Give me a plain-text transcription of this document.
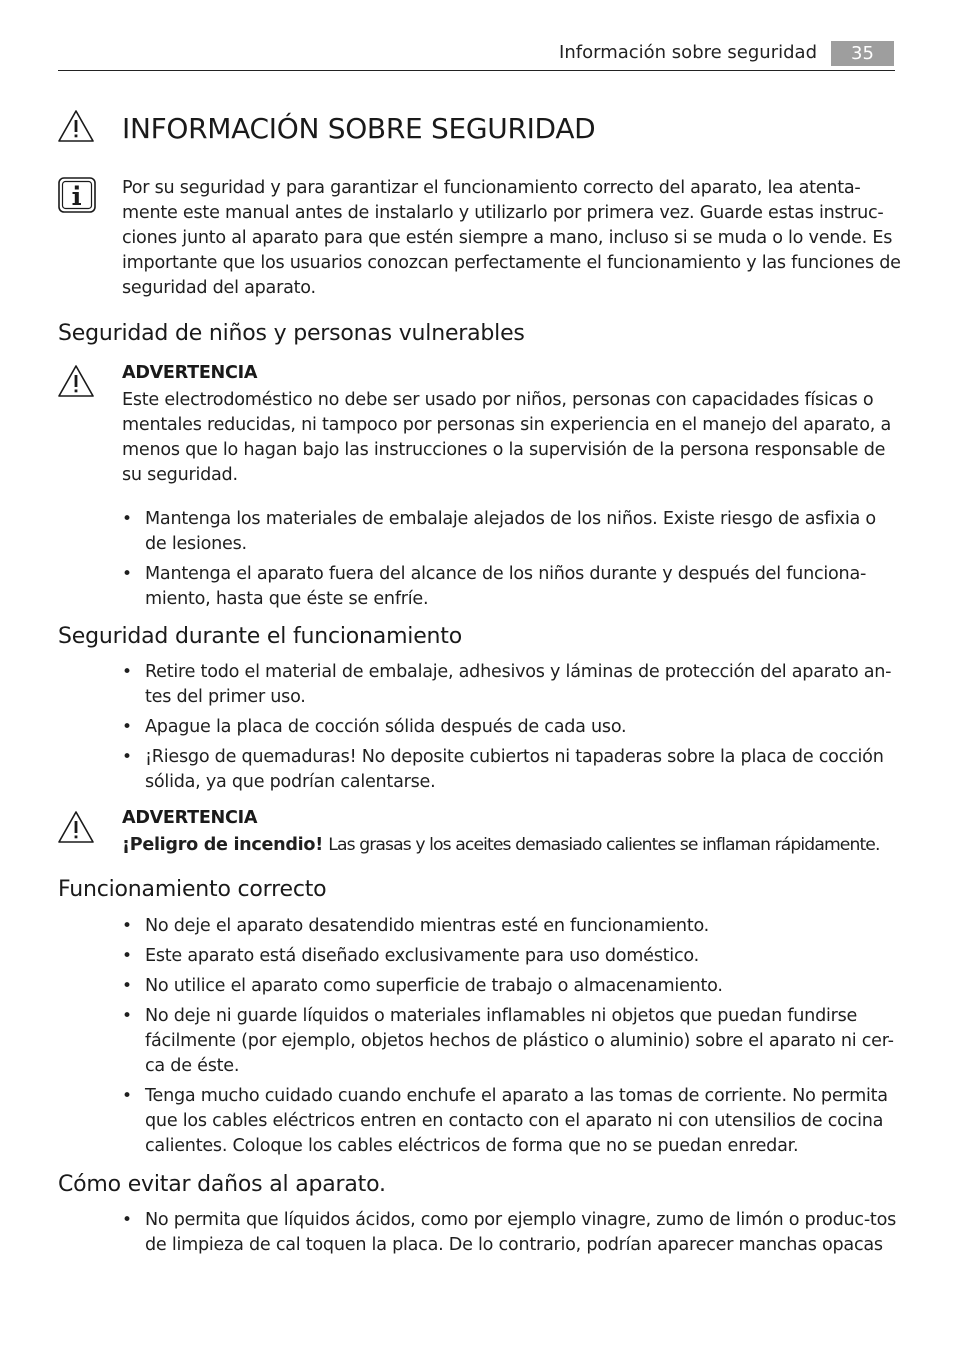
Información sobre seguridad	35
INFORMACIÓN SOBRE SEGURIDAD

Por su seguridad y para garantizar el funcionamiento correcto del aparato, lea atenta-mente este manual antes de instalarlo y utilizarlo por primera vez. Guarde estas instruc-ciones junto al aparato para que estén siempre a mano, incluso si se muda o lo vende. Es importante que los usuarios conozcan perfectamente el funcionamiento y las funciones de seguridad del aparato.

Seguridad de niños y personas vulnerables
ADVERTENCIA

Este electrodoméstico no debe ser usado por niños, personas con capacidades físicas o mentales reducidas, ni tampoco por personas sin experiencia en el manejo del aparato, a menos que lo hagan bajo las instrucciones o la supervisión de la persona responsable de su seguridad.

• Mantenga los materiales de embalaje alejados de los niños. Existe riesgo de asfixia o de lesiones.
• Mantenga el aparato fuera del alcance de los niños durante y después del funciona-miento, hasta que éste se enfríe.
Seguridad durante el funcionamiento
• Retire todo el material de embalaje, adhesivos y láminas de protección del aparato an-tes del primer uso.
• Apague la placa de cocción sólida después de cada uso.
• ¡Riesgo de quemaduras! No deposite cubiertos ni tapaderas sobre la placa de cocción sólida, ya que podrían calentarse.
ADVERTENCIA

¡Peligro de incendio! Las grasas y los aceites demasiado calientes se inflaman rápidamente.

Funcionamiento correcto
• No deje el aparato desatendido mientras esté en funcionamiento.
• Este aparato está diseñado exclusivamente para uso doméstico.
• No utilice el aparato como superficie de trabajo o almacenamiento.
• No deje ni guarde líquidos o materiales inflamables ni objetos que puedan fundirse fácilmente (por ejemplo, objetos hechos de plástico o aluminio) sobre el aparato ni cer-ca de éste.
• Tenga mucho cuidado cuando enchufe el aparato a las tomas de corriente. No permita que los cables eléctricos entren en contacto con el aparato ni con utensilios de cocina calientes. Coloque los cables eléctricos de forma que no se puedan enredar.
Cómo evitar daños al aparato.
• No permita que líquidos ácidos, como por ejemplo vinagre, zumo de limón o produc-tos de limpieza de cal toquen la placa. De lo contrario, podrían aparecer manchas opacas
